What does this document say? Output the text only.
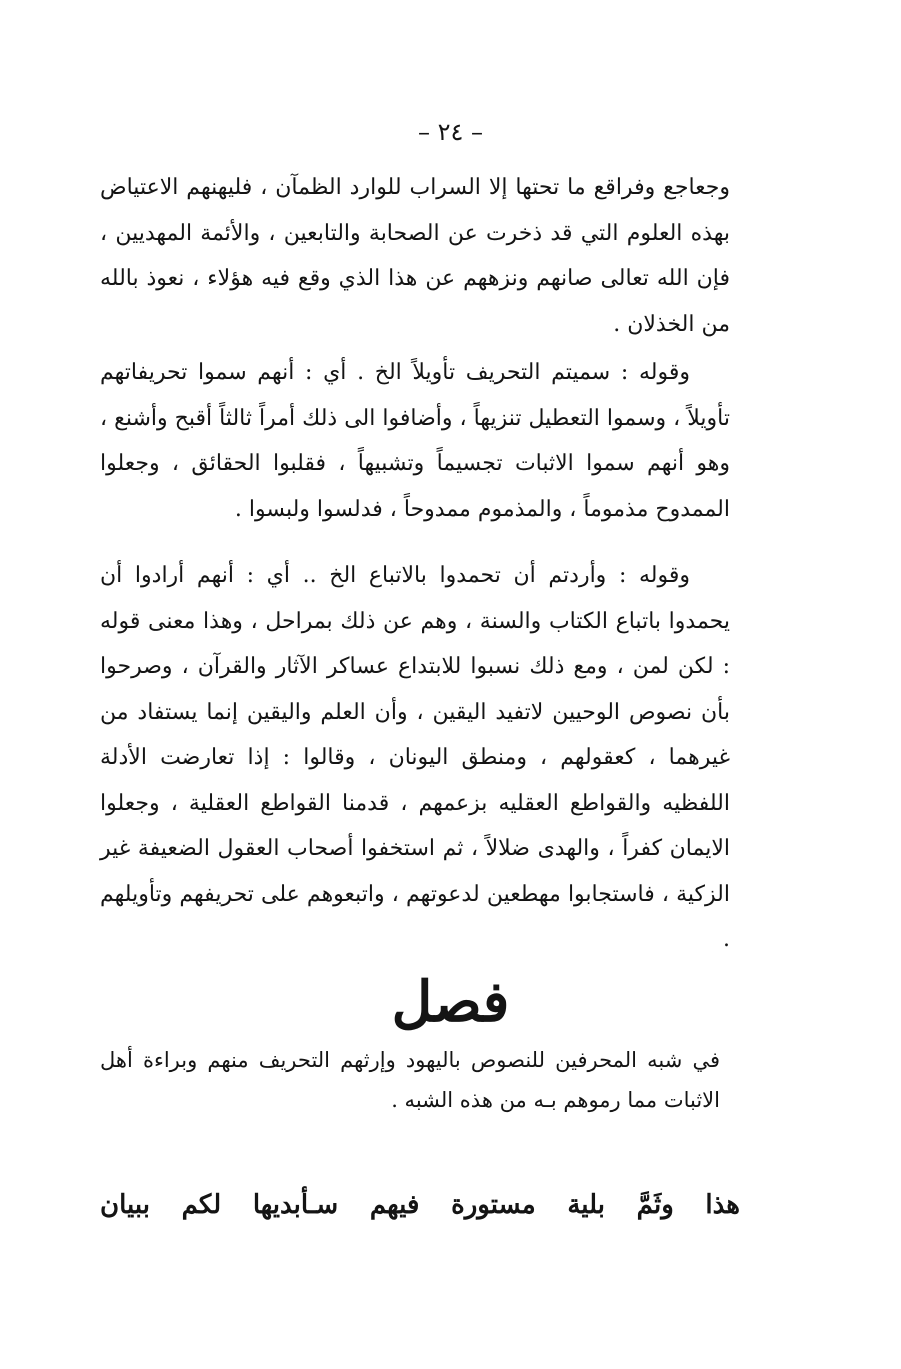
– ٢٤ –

وجعاجع وفراقع ما تحتها إلا السراب للوارد الظمآن ، فليهنهم الاعتياض بهذه العلوم التي قد ذخرت عن الصحابة والتابعين ، والأئمة المهديين ، فإن الله تعالى صانهم ونزههم عن هذا الذي وقع فيه هؤلاء ، نعوذ بالله من الخذلان .

وقوله : سميتم التحريف تأويلاً الخ . أي : أنهم سموا تحريفاتهم تأويلاً ، وسموا التعطيل تنزيهاً ، وأضافوا الى ذلك أمراً ثالثاً أقبح وأشنع ، وهو أنهم سموا الاثبات تجسيماً وتشبيهاً ، فقلبوا الحقائق ، وجعلوا الممدوح مذموماً ، والمذموم ممدوحاً ، فدلسوا ولبسوا .

وقوله : وأردتم أن تحمدوا بالاتباع الخ .. أي : أنهم أرادوا أن يحمدوا باتباع الكتاب والسنة ، وهم عن ذلك بمراحل ، وهذا معنى قوله : لكن لمن ، ومع ذلك نسبوا للابتداع عساكر الآثار والقرآن ، وصرحوا بأن نصوص الوحيين لاتفيد اليقين ، وأن العلم واليقين إنما يستفاد من غيرهما ، كعقولهم ، ومنطق اليونان ، وقالوا : إذا تعارضت الأدلة اللفظيه والقواطع العقليه بزعمهم ، قدمنا القواطع العقلية ، وجعلوا الايمان كفراً ، والهدى ضلالاً ، ثم استخفوا أصحاب العقول الضعيفة غير الزكية ، فاستجابوا مهطعين لدعوتهم ، واتبعوهم على تحريفهم وتأويلهم .

فصل
في شبه المحرفين للنصوص باليهود وإرثهم التحريف منهم وبراءة أهل الاثبات مما رموهم بـه من هذه الشبه .
هذا وثَمَّ بلية مستورة فيهم سـأبديها لكم ببيان
